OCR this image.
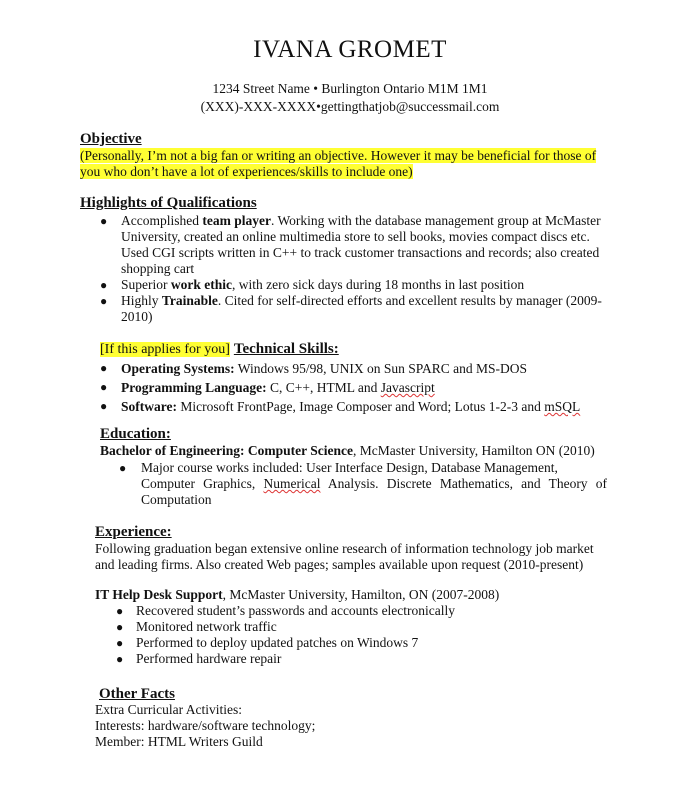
IVANA GROMET
1234 Street Name • Burlington Ontario M1M 1M1
(XXX)-XXX-XXXX•gettingthatjob@successmail.com
Objective
(Personally, I’m not a big fan or writing an objective. However it may be beneficial for those of
you who don’t have a lot of experiences/skills to include one)
Highlights of Qualifications
● Accomplished team player. Working with the database management group at McMaster
University, created an online multimedia store to sell books, movies compact discs etc.
Used CGI scripts written in C++ to track customer transactions and records; also created
shopping cart
● Superior work ethic, with zero sick days during 18 months in last position
● Highly Trainable. Cited for self-directed efforts and excellent results by manager (2009-
2010)
[If this applies for you] Technical Skills:
● Operating Systems: Windows 95/98, UNIX on Sun SPARC and MS-DOS
● Programming Language: C, C++, HTML and Javascript
● Software: Microsoft FrontPage, Image Composer and Word; Lotus 1-2-3 and mSQL
Education:
Bachelor of Engineering: Computer Science, McMaster University, Hamilton ON (2010)
● Major course works included: User Interface Design, Database Management,
Computer Graphics, Numerical Analysis. Discrete Mathematics, and Theory of
Computation
Experience:
Following graduation began extensive online research of information technology job market
and leading firms. Also created Web pages; samples available upon request (2010-present)
IT Help Desk Support, McMaster University, Hamilton, ON (2007-2008)
● Recovered student’s passwords and accounts electronically
● Monitored network traffic
● Performed to deploy updated patches on Windows 7
● Performed hardware repair
Other Facts
Extra Curricular Activities:
Interests: hardware/software technology;
Member: HTML Writers Guild
